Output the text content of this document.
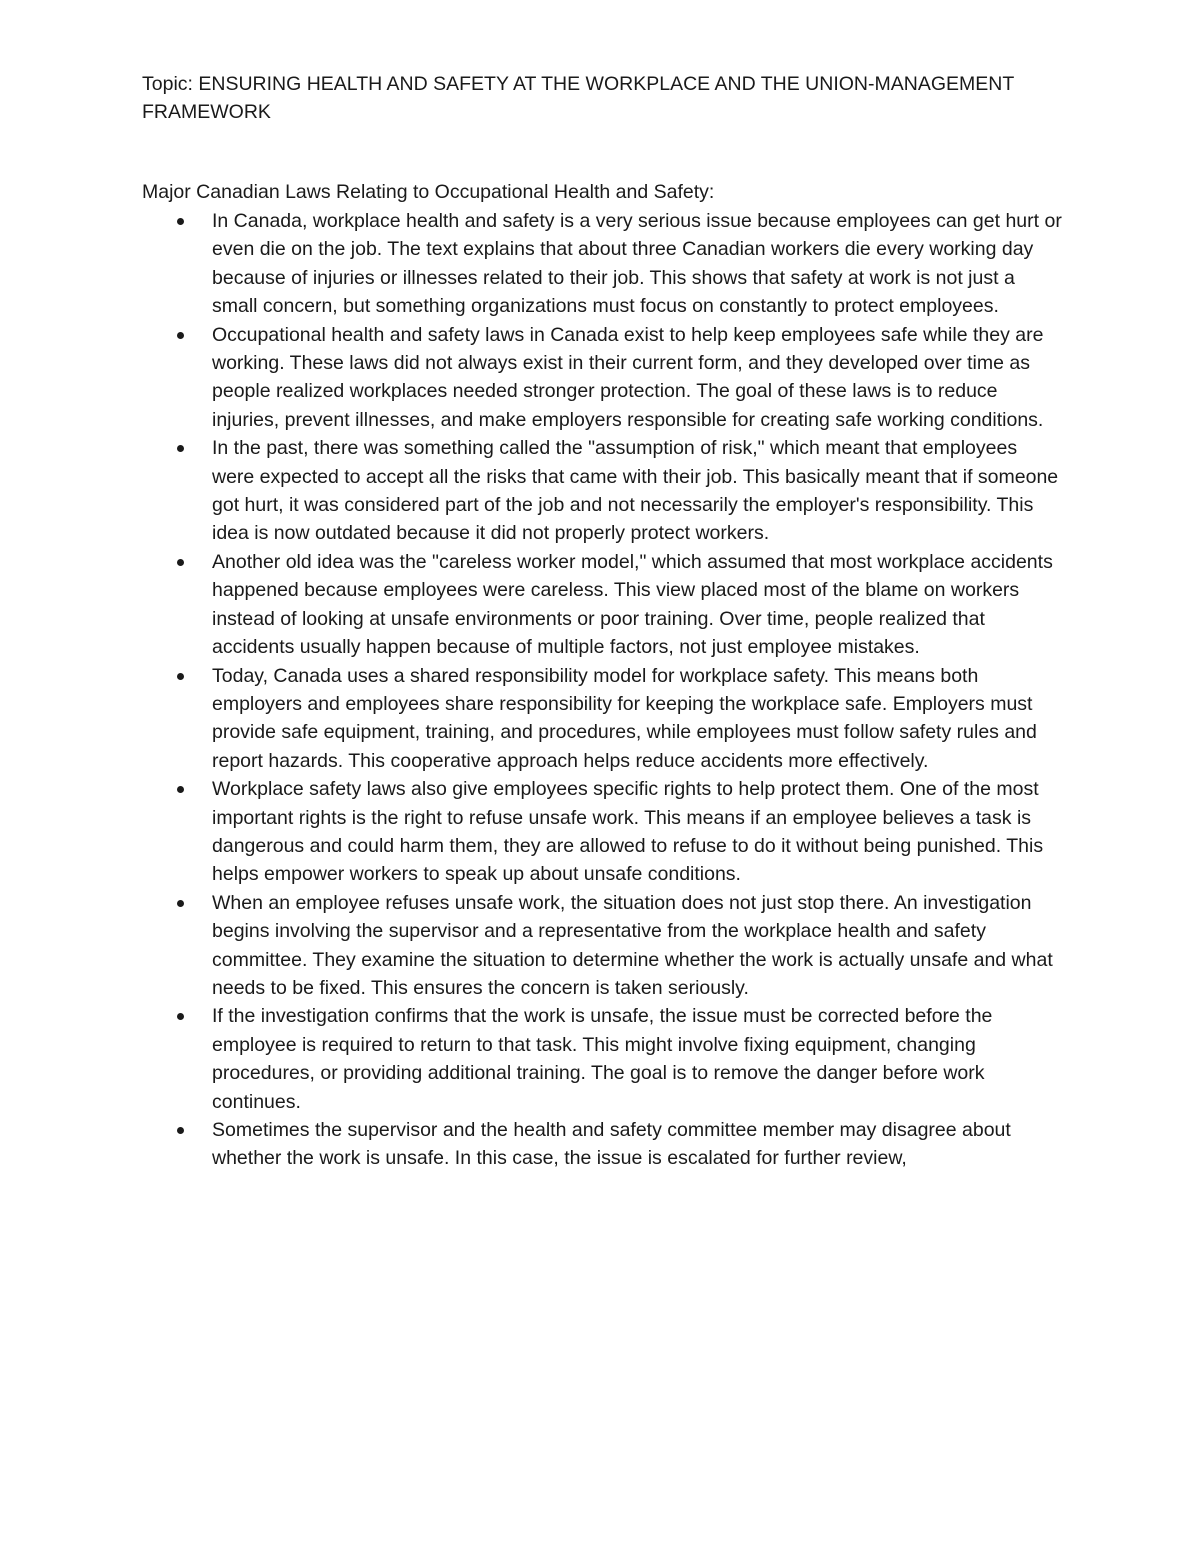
Topic: ENSURING HEALTH AND SAFETY AT THE WORKPLACE AND THE UNION-MANAGEMENT FRAMEWORK

Major Canadian Laws Relating to Occupational Health and Safety:

In Canada, workplace health and safety is a very serious issue because employees can get hurt or even die on the job. The text explains that about three Canadian workers die every working day because of injuries or illnesses related to their job. This shows that safety at work is not just a small concern, but something organizations must focus on constantly to protect employees.
Occupational health and safety laws in Canada exist to help keep employees safe while they are working. These laws did not always exist in their current form, and they developed over time as people realized workplaces needed stronger protection. The goal of these laws is to reduce injuries, prevent illnesses, and make employers responsible for creating safe working conditions.
In the past, there was something called the "assumption of risk," which meant that employees were expected to accept all the risks that came with their job. This basically meant that if someone got hurt, it was considered part of the job and not necessarily the employer's responsibility. This idea is now outdated because it did not properly protect workers.
Another old idea was the "careless worker model," which assumed that most workplace accidents happened because employees were careless. This view placed most of the blame on workers instead of looking at unsafe environments or poor training. Over time, people realized that accidents usually happen because of multiple factors, not just employee mistakes.
Today, Canada uses a shared responsibility model for workplace safety. This means both employers and employees share responsibility for keeping the workplace safe. Employers must provide safe equipment, training, and procedures, while employees must follow safety rules and report hazards. This cooperative approach helps reduce accidents more effectively.
Workplace safety laws also give employees specific rights to help protect them. One of the most important rights is the right to refuse unsafe work. This means if an employee believes a task is dangerous and could harm them, they are allowed to refuse to do it without being punished. This helps empower workers to speak up about unsafe conditions.
When an employee refuses unsafe work, the situation does not just stop there. An investigation begins involving the supervisor and a representative from the workplace health and safety committee. They examine the situation to determine whether the work is actually unsafe and what needs to be fixed. This ensures the concern is taken seriously.
If the investigation confirms that the work is unsafe, the issue must be corrected before the employee is required to return to that task. This might involve fixing equipment, changing procedures, or providing additional training. The goal is to remove the danger before work continues.
Sometimes the supervisor and the health and safety committee member may disagree about whether the work is unsafe. In this case, the issue is escalated for further review,
